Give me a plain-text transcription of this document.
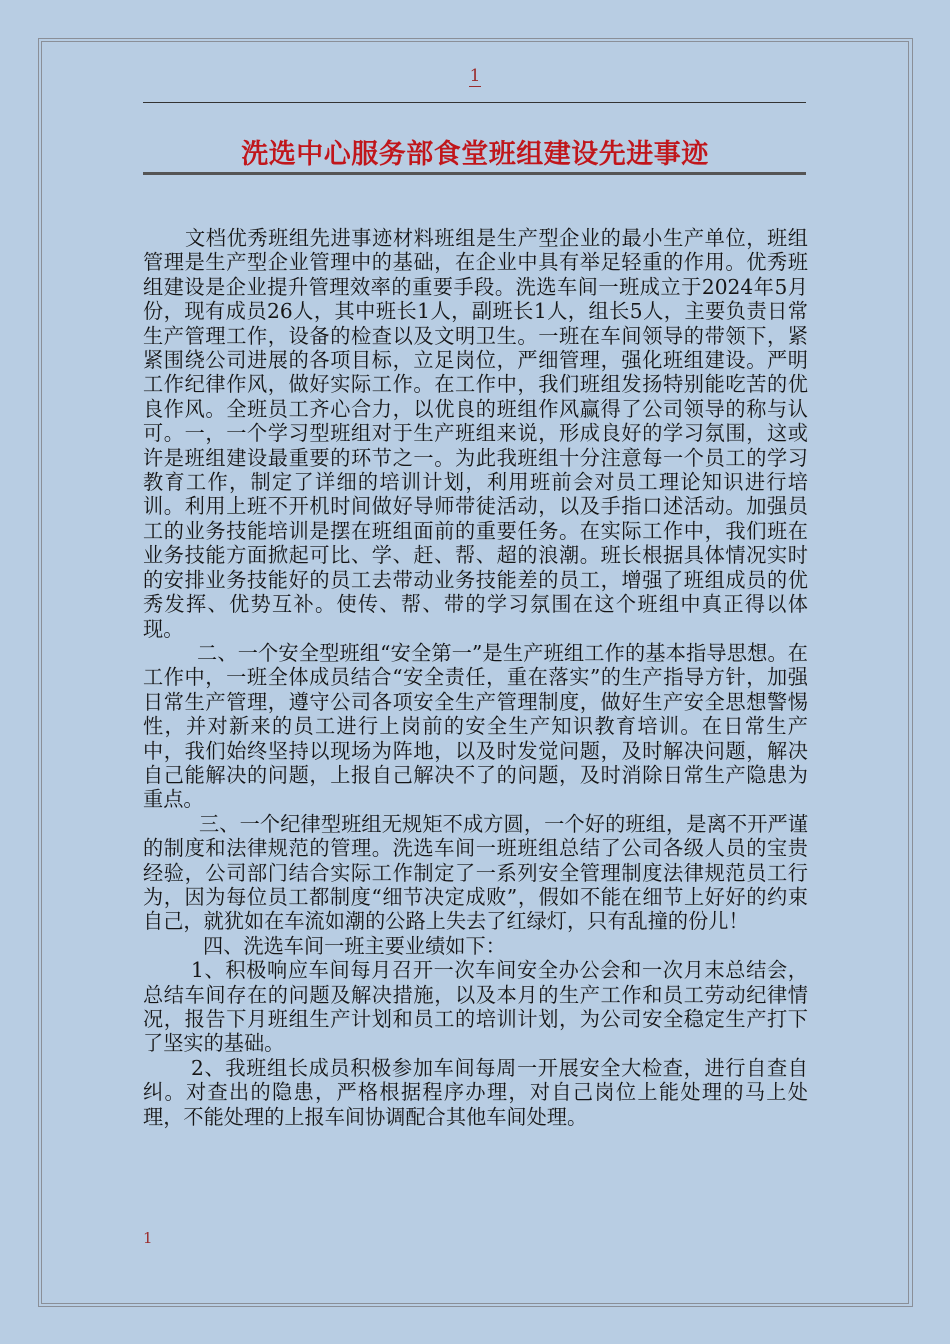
1
洗选中心服务部食堂班组建设先进事迹

文档优秀班组先进事迹材料班组是生产型企业的最小生产单位，班组管理是生产型企业管理中的基础，在企业中具有举足轻重的作用。优秀班组建设是企业提升管理效率的重要手段。洗选车间一班成立于2024年5月份，现有成员26人，其中班长1人，副班长1人，组长5人，主要负责日常生产管理工作，设备的检查以及文明卫生。一班在车间领导的带领下，紧紧围绕公司进展的各项目标，立足岗位，严细管理，强化班组建设。严明工作纪律作风，做好实际工作。在工作中，我们班组发扬特别能吃苦的优良作风。全班员工齐心合力，以优良的班组作风赢得了公司领导的称与认可。一，一个学习型班组对于生产班组来说，形成良好的学习氛围，这或许是班组建设最重要的环节之一。为此我班组十分注意每一个员工的学习教育工作，制定了详细的培训计划，利用班前会对员工理论知识进行培训。利用上班不开机时间做好导师带徒活动，以及手指口述活动。加强员工的业务技能培训是摆在班组面前的重要任务。在实际工作中，我们班在业务技能方面掀起可比、学、赶、帮、超的浪潮。班长根据具体情况实时的安排业务技能好的员工去带动业务技能差的员工，增强了班组成员的优秀发挥、优势互补。使传、帮、带的学习氛围在这个班组中真正得以体现。

二、一个安全型班组“安全第一”是生产班组工作的基本指导思想。在工作中，一班全体成员结合“安全责任，重在落实”的生产指导方针，加强日常生产管理，遵守公司各项安全生产管理制度，做好生产安全思想警惕性，并对新来的员工进行上岗前的安全生产知识教育培训。在日常生产中，我们始终坚持以现场为阵地，以及时发觉问题，及时解决问题，解决自己能解决的问题，上报自己解决不了的问题，及时消除日常生产隐患为重点。

三、一个纪律型班组无规矩不成方圆，一个好的班组，是离不开严谨的制度和法律规范的管理。洗选车间一班班组总结了公司各级人员的宝贵经验，公司部门结合实际工作制定了一系列安全管理制度法律规范员工行为，因为每位员工都制度“细节决定成败”，假如不能在细节上好好的约束自己，就犹如在车流如潮的公路上失去了红绿灯，只有乱撞的份儿！

四、洗选车间一班主要业绩如下：

1、积极响应车间每月召开一次车间安全办公会和一次月末总结会，总结车间存在的问题及解决措施，以及本月的生产工作和员工劳动纪律情况，报告下月班组生产计划和员工的培训计划，为公司安全稳定生产打下了坚实的基础。

2、我班组长成员积极参加车间每周一开展安全大检查，进行自查自纠。对查出的隐患，严格根据程序办理，对自己岗位上能处理的马上处理，不能处理的上报车间协调配合其他车间处理。

1
